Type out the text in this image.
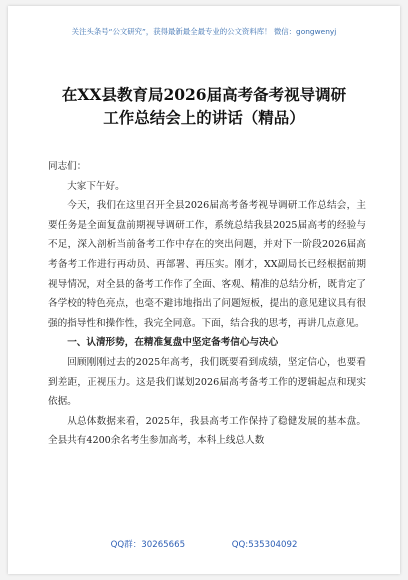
关注头条号“公文研究”，获得最新最全最专业的公文资料库！ 微信：gongwenyj
在XX县教育局2026届高考备考视导调研
工作总结会上的讲话（精品）

同志们：

大家下午好。

今天，我们在这里召开全县2026届高考备考视导调研工作总结会，主要任务是全面复盘前期视导调研工作，系统总结我县2025届高考的经验与不足，深入剖析当前备考工作中存在的突出问题，并对下一阶段2026届高考备考工作进行再动员、再部署、再压实。刚才，XX副局长已经根据前期视导情况，对全县的备考工作作了全面、客观、精准的总结分析，既肯定了各学校的特色亮点，也毫不避讳地指出了问题短板，提出的意见建议具有很强的指导性和操作性，我完全同意。下面，结合我的思考，再讲几点意见。

一、认清形势，在精准复盘中坚定备考信心与决心

回顾刚刚过去的2025年高考，我们既要看到成绩，坚定信心，也要看到差距，正视压力。这是我们谋划2026届高考备考工作的逻辑起点和现实依据。

从总体数据来看，2025年，我县高考工作保持了稳健发展的基本盘。全县共有4200余名考生参加高考，本科上线总人数

QQ群：30265665	QQ:535304092
